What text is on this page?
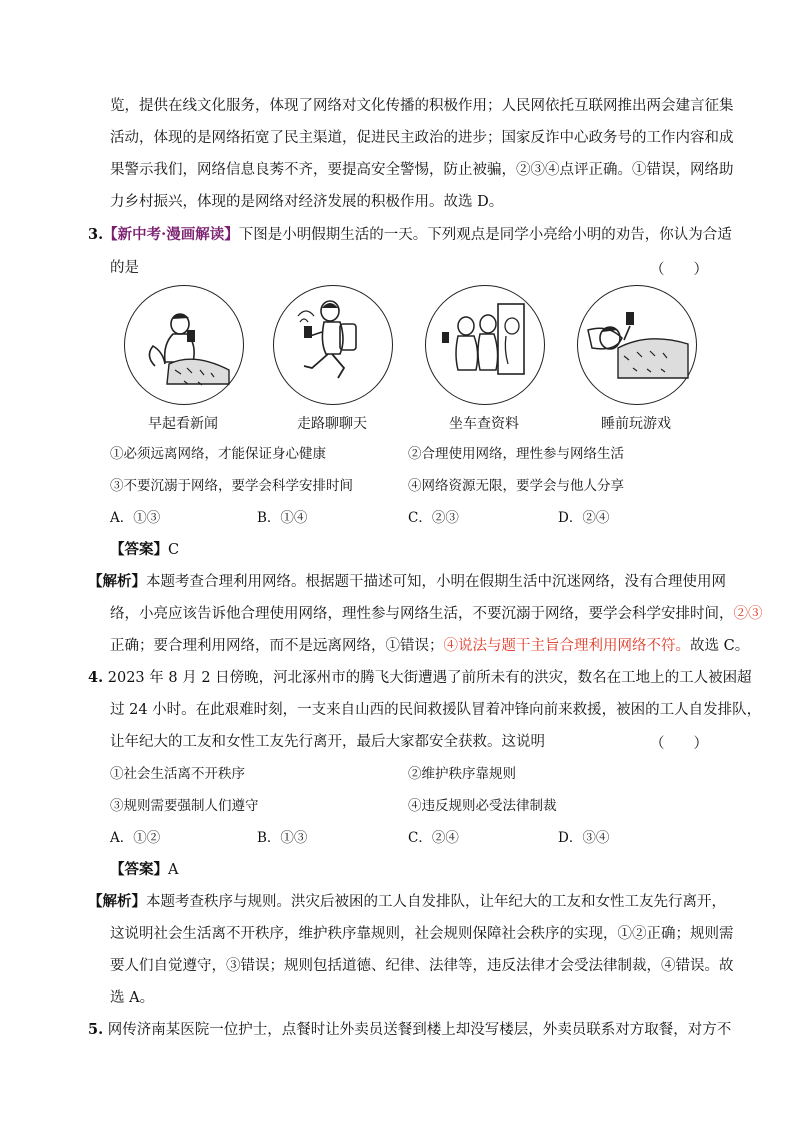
览，提供在线文化服务，体现了网络对文化传播的积极作用；人民网依托互联网推出两会建言征集
活动，体现的是网络拓宽了民主渠道，促进民主政治的进步；国家反诈中心政务号的工作内容和成
果警示我们，网络信息良莠不齐，要提高安全警惕，防止被骗，②③④点评正确。①错误，网络助
力乡村振兴，体现的是网络对经济发展的积极作用。故选 D。
3.【新中考·漫画解读】下图是小明假期生活的一天。下列观点是同学小亮给小明的劝告，你认为合适
的是	（　　）
早起看新闻	走路聊聊天	坐车查资料	睡前玩游戏
①必须远离网络，才能保证身心健康	②合理使用网络，理性参与网络生活
③不要沉溺于网络，要学会科学安排时间	④网络资源无限，要学会与他人分享
A．①③	B．①④	C．②③	D．②④
【答案】C
【解析】本题考查合理利用网络。根据题干描述可知，小明在假期生活中沉迷网络，没有合理使用网
络，小亮应该告诉他合理使用网络，理性参与网络生活，不要沉溺于网络，要学会科学安排时间，②③
正确；要合理利用网络，而不是远离网络，①错误；④说法与题干主旨合理利用网络不符。故选 C。
4. 2023 年 8 月 2 日傍晚，河北涿州市的腾飞大街遭遇了前所未有的洪灾，数名在工地上的工人被困超
过 24 小时。在此艰难时刻，一支来自山西的民间救援队冒着冲锋向前来救援，被困的工人自发排队，
让年纪大的工友和女性工友先行离开，最后大家都安全获救。这说明	（　　）
①社会生活离不开秩序	②维护秩序靠规则
③规则需要强制人们遵守	④违反规则必受法律制裁
A．①②	B．①③	C．②④	D．③④
【答案】A
【解析】本题考查秩序与规则。洪灾后被困的工人自发排队，让年纪大的工友和女性工友先行离开，
这说明社会生活离不开秩序，维护秩序靠规则，社会规则保障社会秩序的实现，①②正确；规则需
要人们自觉遵守，③错误；规则包括道德、纪律、法律等，违反法律才会受法律制裁，④错误。故
选 A。
5. 网传济南某医院一位护士，点餐时让外卖员送餐到楼上却没写楼层，外卖员联系对方取餐，对方不
